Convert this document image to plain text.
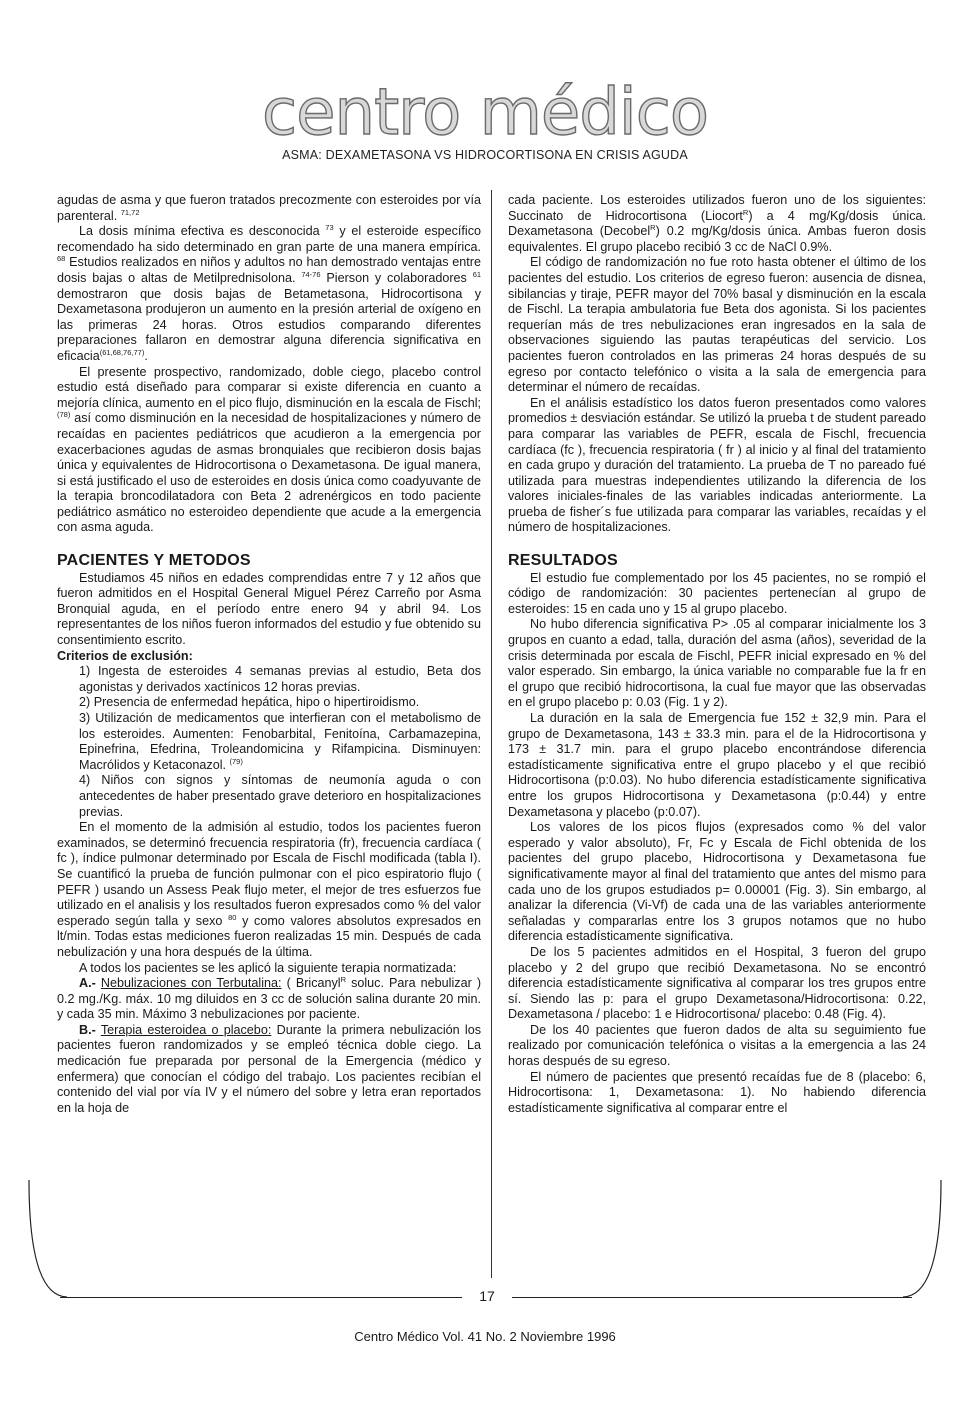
centro médico
ASMA: DEXAMETASONA VS HIDROCORTISONA EN CRISIS AGUDA

agudas de asma y que fueron tratados precozmente con esteroides por vía parenteral. $^{71,72}$

La dosis mínima efectiva es desconocida $^{73}$ y el esteroide específico recomendado ha sido determinado en gran parte de una manera empírica. $^{68}$ Estudios realizados en niños y adultos no han demostrado ventajas entre dosis bajas o altas de Metilprednisolona. $^{74-76}$ Pierson y colaboradores $^{61}$ demostraron que dosis bajas de Betametasona, Hidrocortisona y Dexametasona produjeron un aumento en la presión arterial de oxígeno en las primeras 24 horas. Otros estudios comparando diferentes preparaciones fallaron en demostrar alguna diferencia significativa en eficacia$^{(61,68,76,77)}$.

El presente prospectivo, randomizado, doble ciego, placebo control estudio está diseñado para comparar si existe diferencia en cuanto a mejoría clínica, aumento en el pico flujo, disminución en la escala de Fischl;$^{(78)}$ así como disminución en la necesidad de hospitalizaciones y número de recaídas en pacientes pediátricos que acudieron a la emergencia por exacerbaciones agudas de asmas bronquiales que recibieron dosis bajas única y equivalentes de Hidrocortisona o Dexametasona. De igual manera, si está justificado el uso de esteroides en dosis única como coadyuvante de la terapia broncodilatadora con Beta 2 adrenérgicos en todo paciente pediátrico asmático no esteroideo dependiente que acude a la emergencia con asma aguda.

PACIENTES Y METODOS

Estudiamos 45 niños en edades comprendidas entre 7 y 12 años que fueron admitidos en el Hospital General Miguel Pérez Carreño por Asma Bronquial aguda, en el período entre enero 94 y abril 94. Los representantes de los niños fueron informados del estudio y fue obtenido su consentimiento escrito.

Criterios de exclusión:

1) Ingesta de esteroides 4 semanas previas al estudio, Beta dos agonistas y derivados xactínicos 12 horas previas.

2) Presencia de enfermedad hepática, hipo o hipertiroidismo.

3) Utilización de medicamentos que interfieran con el metabolismo de los esteroides. Aumenten: Fenobarbital, Fenitoína, Carbamazepina, Epinefrina, Efedrina, Troleandomicina y Rifampicina. Disminuyen: Macrólidos y Ketaconazol. $^{(79)}$

4) Niños con signos y síntomas de neumonía aguda o con antecedentes de haber presentado grave deterioro en hospitalizaciones previas.

En el momento de la admisión al estudio, todos los pacientes fueron examinados, se determinó frecuencia respiratoria (fr), frecuencia cardíaca ( fc ), índice pulmonar determinado por Escala de Fischl modificada (tabla I). Se cuantificó la prueba de función pulmonar con el pico espiratorio flujo ( PEFR ) usando un Assess Peak flujo meter, el mejor de tres esfuerzos fue utilizado en el analisis y los resultados fueron expresados como % del valor esperado según talla y sexo $^{80}$ y como valores absolutos expresados en lt/min. Todas estas mediciones fueron realizadas 15 min. Después de cada nebulización y una hora después de la última.

A todos los pacientes se les aplicó la siguiente terapia normatizada:

A.- Nebulizaciones con Terbutalina: ( Bricanyl$^R$ soluc. Para nebulizar ) 0.2 mg./Kg. máx. 10 mg diluidos en 3 cc de solución salina durante 20 min. y cada 35 min. Máximo 3 nebulizaciones por paciente.

B.- Terapia esteroidea o placebo: Durante la primera nebulización los pacientes fueron randomizados y se empleó técnica doble ciego. La medicación fue preparada por personal de la Emergencia (médico y enfermera) que conocían el código del trabajo. Los pacientes recibían el contenido del vial por vía IV y el número del sobre y letra eran reportados en la hoja de

cada paciente. Los esteroides utilizados fueron uno de los siguientes: Succinato de Hidrocortisona (Liocort$^R$) a 4 mg/Kg/dosis única. Dexametasona (Decobel$^R$) 0.2 mg/Kg/dosis única. Ambas fueron dosis equivalentes. El grupo placebo recibió 3 cc de NaCl 0.9%.

El código de randomización no fue roto hasta obtener el último de los pacientes del estudio. Los criterios de egreso fueron: ausencia de disnea, sibilancias y tiraje, PEFR mayor del 70% basal y disminución en la escala de Fischl. La terapia ambulatoria fue Beta dos agonista. Si los pacientes requerían más de tres nebulizaciones eran ingresados en la sala de observaciones siguiendo las pautas terapéuticas del servicio. Los pacientes fueron controlados en las primeras 24 horas después de su egreso por contacto telefónico o visita a la sala de emergencia para determinar el número de recaídas.

En el análisis estadístico los datos fueron presentados como valores promedios ± desviación estándar. Se utilizó la prueba t de student pareado para comparar las variables de PEFR, escala de Fischl, frecuencia cardíaca (fc ), frecuencia respiratoria ( fr ) al inicio y al final del tratamiento en cada grupo y duración del tratamiento. La prueba de T no pareado fué utilizada para muestras independientes utilizando la diferencia de los valores iniciales-finales de las variables indicadas anteriormente. La prueba de fisher´s fue utilizada para comparar las variables, recaídas y el número de hospitalizaciones.

RESULTADOS

El estudio fue complementado por los 45 pacientes, no se rompió el código de randomización: 30 pacientes pertenecían al grupo de esteroides: 15 en cada uno y 15 al grupo placebo.

No hubo diferencia significativa P> .05 al comparar inicialmente los 3 grupos en cuanto a edad, talla, duración del asma (años), severidad de la crisis determinada por escala de Fischl, PEFR inicial expresado en % del valor esperado. Sin embargo, la única variable no comparable fue la fr en el grupo que recibió hidrocortisona, la cual fue mayor que las observadas en el grupo placebo p: 0.03 (Fig. 1 y 2).

La duración en la sala de Emergencia fue 152 ± 32,9 min. Para el grupo de Dexametasona, 143 ± 33.3 min. para el de la Hidrocortisona y 173 ± 31.7 min. para el grupo placebo encontrándose diferencia estadísticamente significativa entre el grupo placebo y el que recibió Hidrocortisona (p:0.03). No hubo diferencia estadísticamente significativa entre los grupos Hidrocortisona y Dexametasona (p:0.44) y entre Dexametasona y placebo (p:0.07).

Los valores de los picos flujos (expresados como % del valor esperado y valor absoluto), Fr, Fc y Escala de Fichl obtenida de los pacientes del grupo placebo, Hidrocortisona y Dexametasona fue significativamente mayor al final del tratamiento que antes del mismo para cada uno de los grupos estudiados p= 0.00001 (Fig. 3). Sin embargo, al analizar la diferencia (Vi-Vf) de cada una de las variables anteriormente señaladas y compararlas entre los 3 grupos notamos que no hubo diferencia estadísticamente significativa.

De los 5 pacientes admitidos en el Hospital, 3 fueron del grupo placebo y 2 del grupo que recibió Dexametasona. No se encontró diferencia estadísticamente significativa al comparar los tres grupos entre sí. Siendo las p: para el grupo Dexametasona/Hidrocortisona: 0.22, Dexametasona / placebo: 1 e Hidrocortisona/ placebo: 0.48 (Fig. 4).

De los 40 pacientes que fueron dados de alta su seguimiento fue realizado por comunicación telefónica o visitas a la emergencia a las 24 horas después de su egreso.

El número de pacientes que presentó recaídas fue de 8 (placebo: 6, Hidrocortisona: 1, Dexametasona: 1). No habiendo diferencia estadísticamente significativa al comparar entre el

17
Centro Médico Vol. 41 No. 2 Noviembre 1996
